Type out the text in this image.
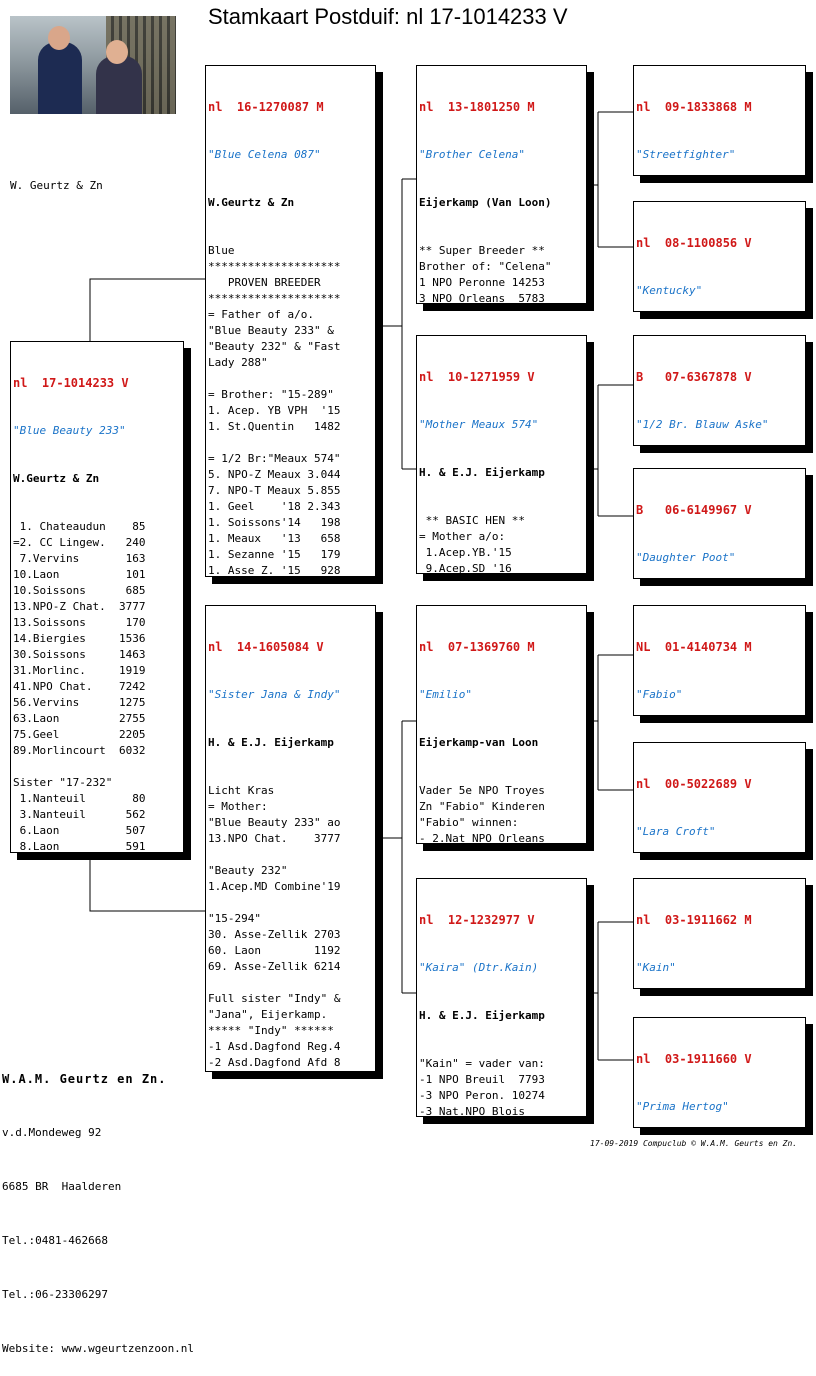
Stamkaart Postduif: nl 17-1014233 V
W. Geurtz & Zn

nl  17-1014233 V

"Blue Beauty 233"

W.Geurtz & Zn

1. Chateaudun    85
=2. CC Lingew.   240
7.Vervins       163
10.Laon          101
10.Soissons      685
13.NPO-Z Chat.  3777
13.Soissons      170
14.Biergies     1536
30.Soissons     1463
31.Morlinc.     1919
41.NPO Chat.    7242
56.Vervins      1275
63.Laon         2755
75.Geel         2205
89.Morlincourt  6032

Sister "17-232"
1.Nanteuil       80
3.Nanteuil      562
6.Laon          507
8.Laon          591

nl  16-1270087 M

"Blue Celena 087"

W.Geurtz & Zn

Blue
********************
PROVEN BREEDER
********************
= Father of a/o.
"Blue Beauty 233" &
"Beauty 232" & "Fast
Lady 288"

= Brother: "15-289"
1. Acep. YB VPH  '15
1. St.Quentin   1482

= 1/2 Br:"Meaux 574"
5. NPO-Z Meaux 3.044
7. NPO-T Meaux 5.855
1. Geel    '18 2.343
1. Soissons'14   198
1. Meaux   '13   658
1. Sezanne '15   179
1. Asse Z. '15   928

nl  14-1605084 V

"Sister Jana & Indy"

H. & E.J. Eijerkamp

Licht Kras
= Mother:
"Blue Beauty 233" ao
13.NPO Chat.    3777

"Beauty 232"
1.Acep.MD Combine'19

"15-294"
30. Asse-Zellik 2703
60. Laon        1192
69. Asse-Zellik 6214

Full sister "Indy" &
"Jana", Eijerkamp.
***** "Indy" ******
-1 Asd.Dagfond Reg.4
-2 Asd.Dagfond Afd 8

nl  13-1801250 M

"Brother Celena"

Eijerkamp (Van Loon)

** Super Breeder **
Brother of: "Celena"
1 NPO Peronne 14253
3 NPO Orleans  5783

nl  10-1271959 V

"Mother Meaux 574"

H. & E.J. Eijerkamp

** BASIC HEN **
= Mother a/o:
1.Acep.YB.'15
9.Acep.SD '16

nl  07-1369760 M

"Emilio"

Eijerkamp-van Loon

Vader 5e NPO Troyes
Zn "Fabio" Kinderen
"Fabio" winnen:
- 2.Nat NPO Orleans

nl  12-1232977 V

"Kaira" (Dtr.Kain)

H. & E.J. Eijerkamp

"Kain" = vader van:
-1 NPO Breuil  7793
-3 NPO Peron. 10274
-3 Nat.NPO Blois

nl  09-1833868 M

"Streetfighter"

nl  08-1100856 V

"Kentucky"

B   07-6367878 V

"1/2 Br. Blauw Aske"

B   06-6149967 V

"Daughter Poot"

NL  01-4140734 M

"Fabio"

nl  00-5022689 V

"Lara Croft"

nl  03-1911662 M

"Kain"

nl  03-1911660 V

"Prima Hertog"

W.A.M. Geurtz en Zn.

v.d.Mondeweg 92

6685 BR  Haalderen

Tel.:0481-462668

Tel.:06-23306297

Website: www.wgeurtzenzoon.nl

17-09-2019 Compuclub © W.A.M. Geurts en Zn.
